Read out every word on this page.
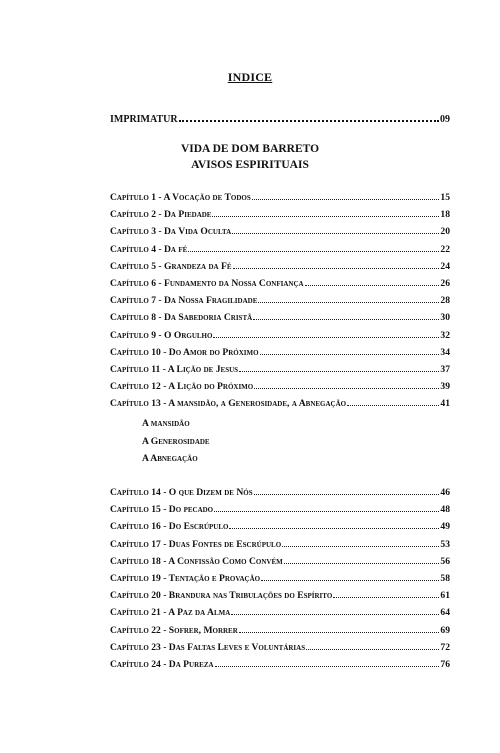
INDICE
IMPRIMATUR	09
VIDA DE DOM BARRETO
AVISOS ESPIRITUAIS
Capítulo 1 - A Vocação de Todos	15
Capítulo 2 - Da Piedade	18
Capítulo 3 - Da Vida Oculta	20
Capítulo 4 - Da fé	22
Capítulo 5 - Grandeza da Fé	24
Capítulo 6 - Fundamento da Nossa Confiança	26
Capítulo 7 - Da Nossa Fragilidade	28
Capítulo 8 - Da Sabedoria Cristã	30
Capítulo 9 - O Orgulho	32
Capítulo 10 - Do Amor do Próximo	34
Capítulo 11 - A Lição de Jesus	37
Capítulo 12 - A Lição do Próximo	39
Capítulo 13 - A mansidão, a Generosidade, a Abnegação	41
A mansidão
A Generosidade
A Abnegação
Capítulo 14 - O que Dizem de Nós	46
Capítulo 15 - Do pecado	48
Capítulo 16 - Do Escrúpulo	49
Capítulo 17 - Duas Fontes de Escrúpulo	53
Capítulo 18 - A Confissão Como Convém	56
Capítulo 19 - Tentação e Provação	58
Capítulo 20 - Brandura nas Tribulações do Espírito	61
Capítulo 21 - A Paz da Alma	64
Capítulo 22 - Sofrer, Morrer	69
Capítulo 23 - Das Faltas Leves e Voluntárias	72
Capítulo 24 - Da Pureza	76
